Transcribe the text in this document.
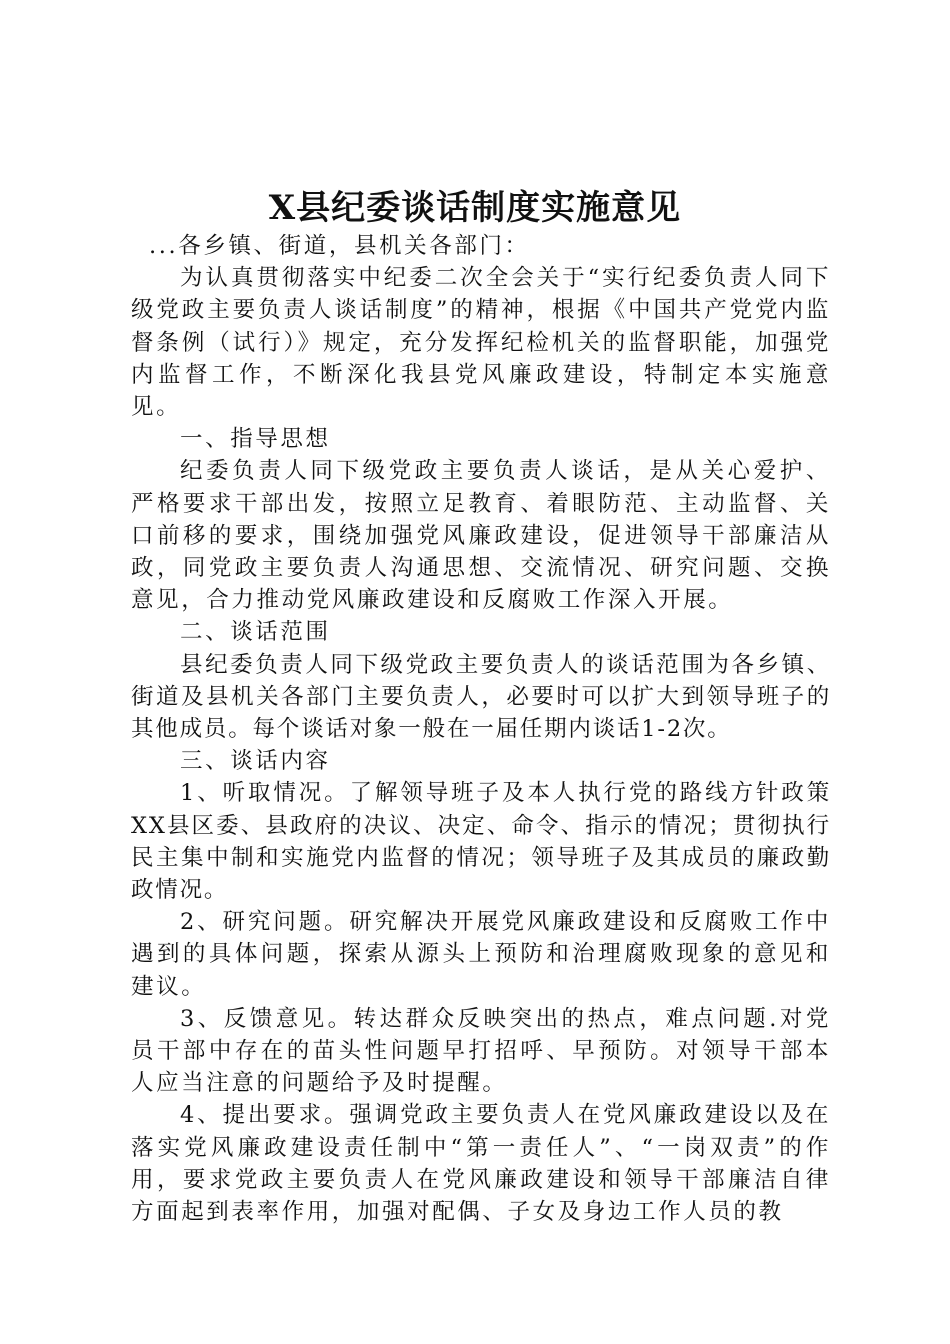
X县纪委谈话制度实施意见

...各乡镇、街道，县机关各部门：

为认真贯彻落实中纪委二次全会关于“实行纪委负责人同下级党政主要负责人谈话制度”的精神，根据《中国共产党党内监督条例（试行）》规定，充分发挥纪检机关的监督职能，加强党内监督工作，不断深化我县党风廉政建设，特制定本实施意见。

一、指导思想

纪委负责人同下级党政主要负责人谈话，是从关心爱护、严格要求干部出发，按照立足教育、着眼防范、主动监督、关口前移的要求，围绕加强党风廉政建设，促进领导干部廉洁从政，同党政主要负责人沟通思想、交流情况、研究问题、交换意见，合力推动党风廉政建设和反腐败工作深入开展。

二、谈话范围

县纪委负责人同下级党政主要负责人的谈话范围为各乡镇、街道及县机关各部门主要负责人，必要时可以扩大到领导班子的其他成员。每个谈话对象一般在一届任期内谈话1-2次。

三、谈话内容

1、听取情况。了解领导班子及本人执行党的路线方针政策XX县区委、县政府的决议、决定、命令、指示的情况；贯彻执行民主集中制和实施党内监督的情况；领导班子及其成员的廉政勤政情况。

2、研究问题。研究解决开展党风廉政建设和反腐败工作中遇到的具体问题，探索从源头上预防和治理腐败现象的意见和建议。

3、反馈意见。转达群众反映突出的热点，难点问题.对党员干部中存在的苗头性问题早打招呼、早预防。对领导干部本人应当注意的问题给予及时提醒。

4、提出要求。强调党政主要负责人在党风廉政建设以及在落实党风廉政建设责任制中“第一责任人”、“一岗双责”的作用，要求党政主要负责人在党风廉政建设和领导干部廉洁自律方面起到表率作用，加强对配偶、子女及身边工作人员的教
